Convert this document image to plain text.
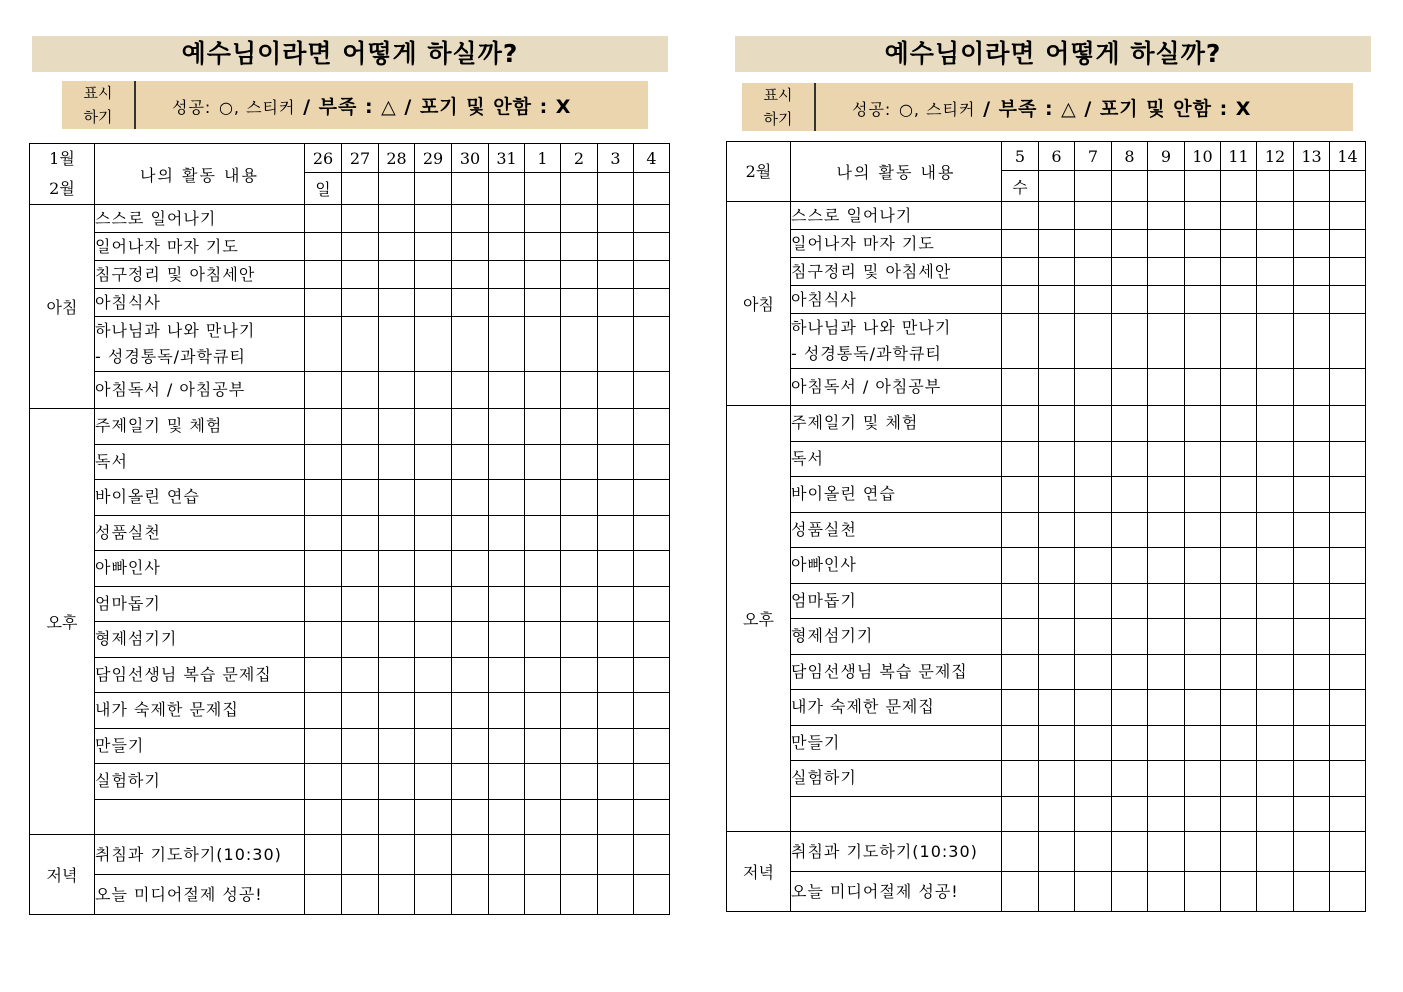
예수님이라면 어떻게 하실까?
표시
하기
성공: ○, 스티커 / 부족 : △ / 포기 및 안함 : X
1월
2월	나의 활동 내용	26	27	28	29	30	31	1	2	3	4
		일									
아침	스스로 일어나기										

	일어나자 마자 기도										

	침구정리 및 아침세안										

	아침식사										

	하나님과 나와 만나기
- 성경통독/과학큐티										

	아침독서 / 아침공부										

오후	주제일기 및 체험										

	독서										

	바이올린 연습										

	성품실천										

	아빠인사										

	엄마돕기										

	형제섬기기										

	담임선생님 복습 문제집										

	내가 숙제한 문제집										

	만들기										

	실험하기										

저녁	취침과 기도하기(10:30)										

	오늘 미디어절제 성공!										

예수님이라면 어떻게 하실까?
표시
하기
성공: ○, 스티커 / 부족 : △ / 포기 및 안함 : X
2월	나의 활동 내용	5	6	7	8	9	10	11	12	13	14
		수									
아침	스스로 일어나기										

	일어나자 마자 기도										

	침구정리 및 아침세안										

	아침식사										

	하나님과 나와 만나기
- 성경통독/과학큐티										

	아침독서 / 아침공부										

오후	주제일기 및 체험										

	독서										

	바이올린 연습										

	성품실천										

	아빠인사										

	엄마돕기										

	형제섬기기										

	담임선생님 복습 문제집										

	내가 숙제한 문제집										

	만들기										

	실험하기										

저녁	취침과 기도하기(10:30)										

	오늘 미디어절제 성공!										
